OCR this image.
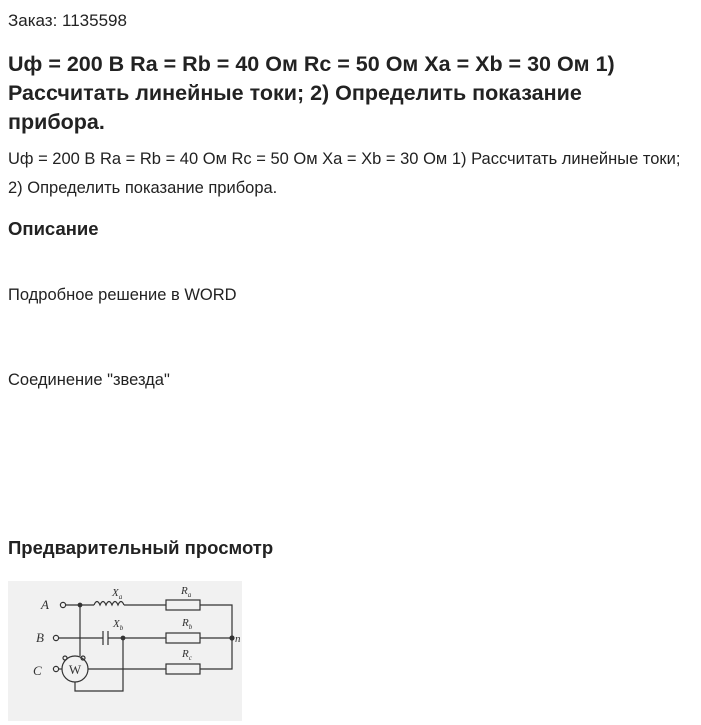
Заказ: 1135598
Uф = 200 В Ra = Rb = 40 Ом Rc = 50 Ом Xa = Xb = 30 Ом 1) Рассчитать линейные токи; 2) Определить показание прибора.
Uф = 200 В Ra = Rb = 40 Ом Rc = 50 Ом Xa = Xb = 30 Ом 1) Рассчитать линейные токи; 2) Определить показание прибора.
Описание
Подробное решение в WORD
Соединение "звезда"
Предварительный просмотр
A
B
C
$X_a$	$R_a$
n
$X_b$	$R_b$
W
$R_c$
